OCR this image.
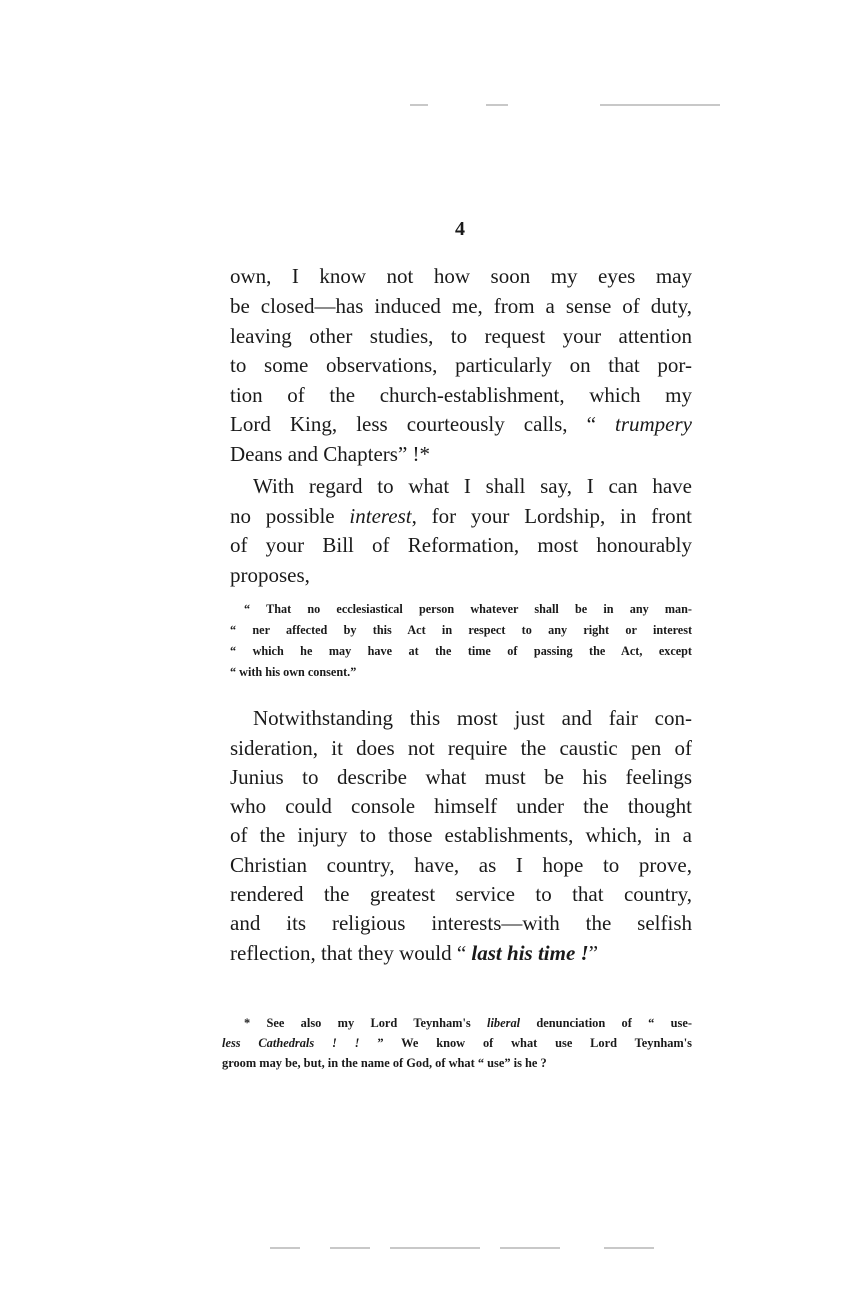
4
own, I know not how soon my eyes may
be closed—has induced me, from a sense of duty,
leaving other studies, to request your attention
to some observations, particularly on that por-
tion of the church-establishment, which my
Lord King, less courteously calls, “ trumpery
Deans and Chapters” !*
With regard to what I shall say, I can have
no possible interest, for your Lordship, in front
of your Bill of Reformation, most honourably
proposes,
“ That no ecclesiastical person whatever shall be in any man-
“ ner affected by this Act in respect to any right or interest
“ which he may have at the time of passing the Act, except
“ with his own consent.”
Notwithstanding this most just and fair con-
sideration, it does not require the caustic pen of
Junius to describe what must be his feelings
who could console himself under the thought
of the injury to those establishments, which, in a
Christian country, have, as I hope to prove,
rendered the greatest service to that country,
and its religious interests—with the selfish
reflection, that they would “ last his time !”
* See also my Lord Teynham's liberal denunciation of “ use-
less Cathedrals ! ! ” We know of what use Lord Teynham's
groom may be, but, in the name of God, of what “ use” is he ?
